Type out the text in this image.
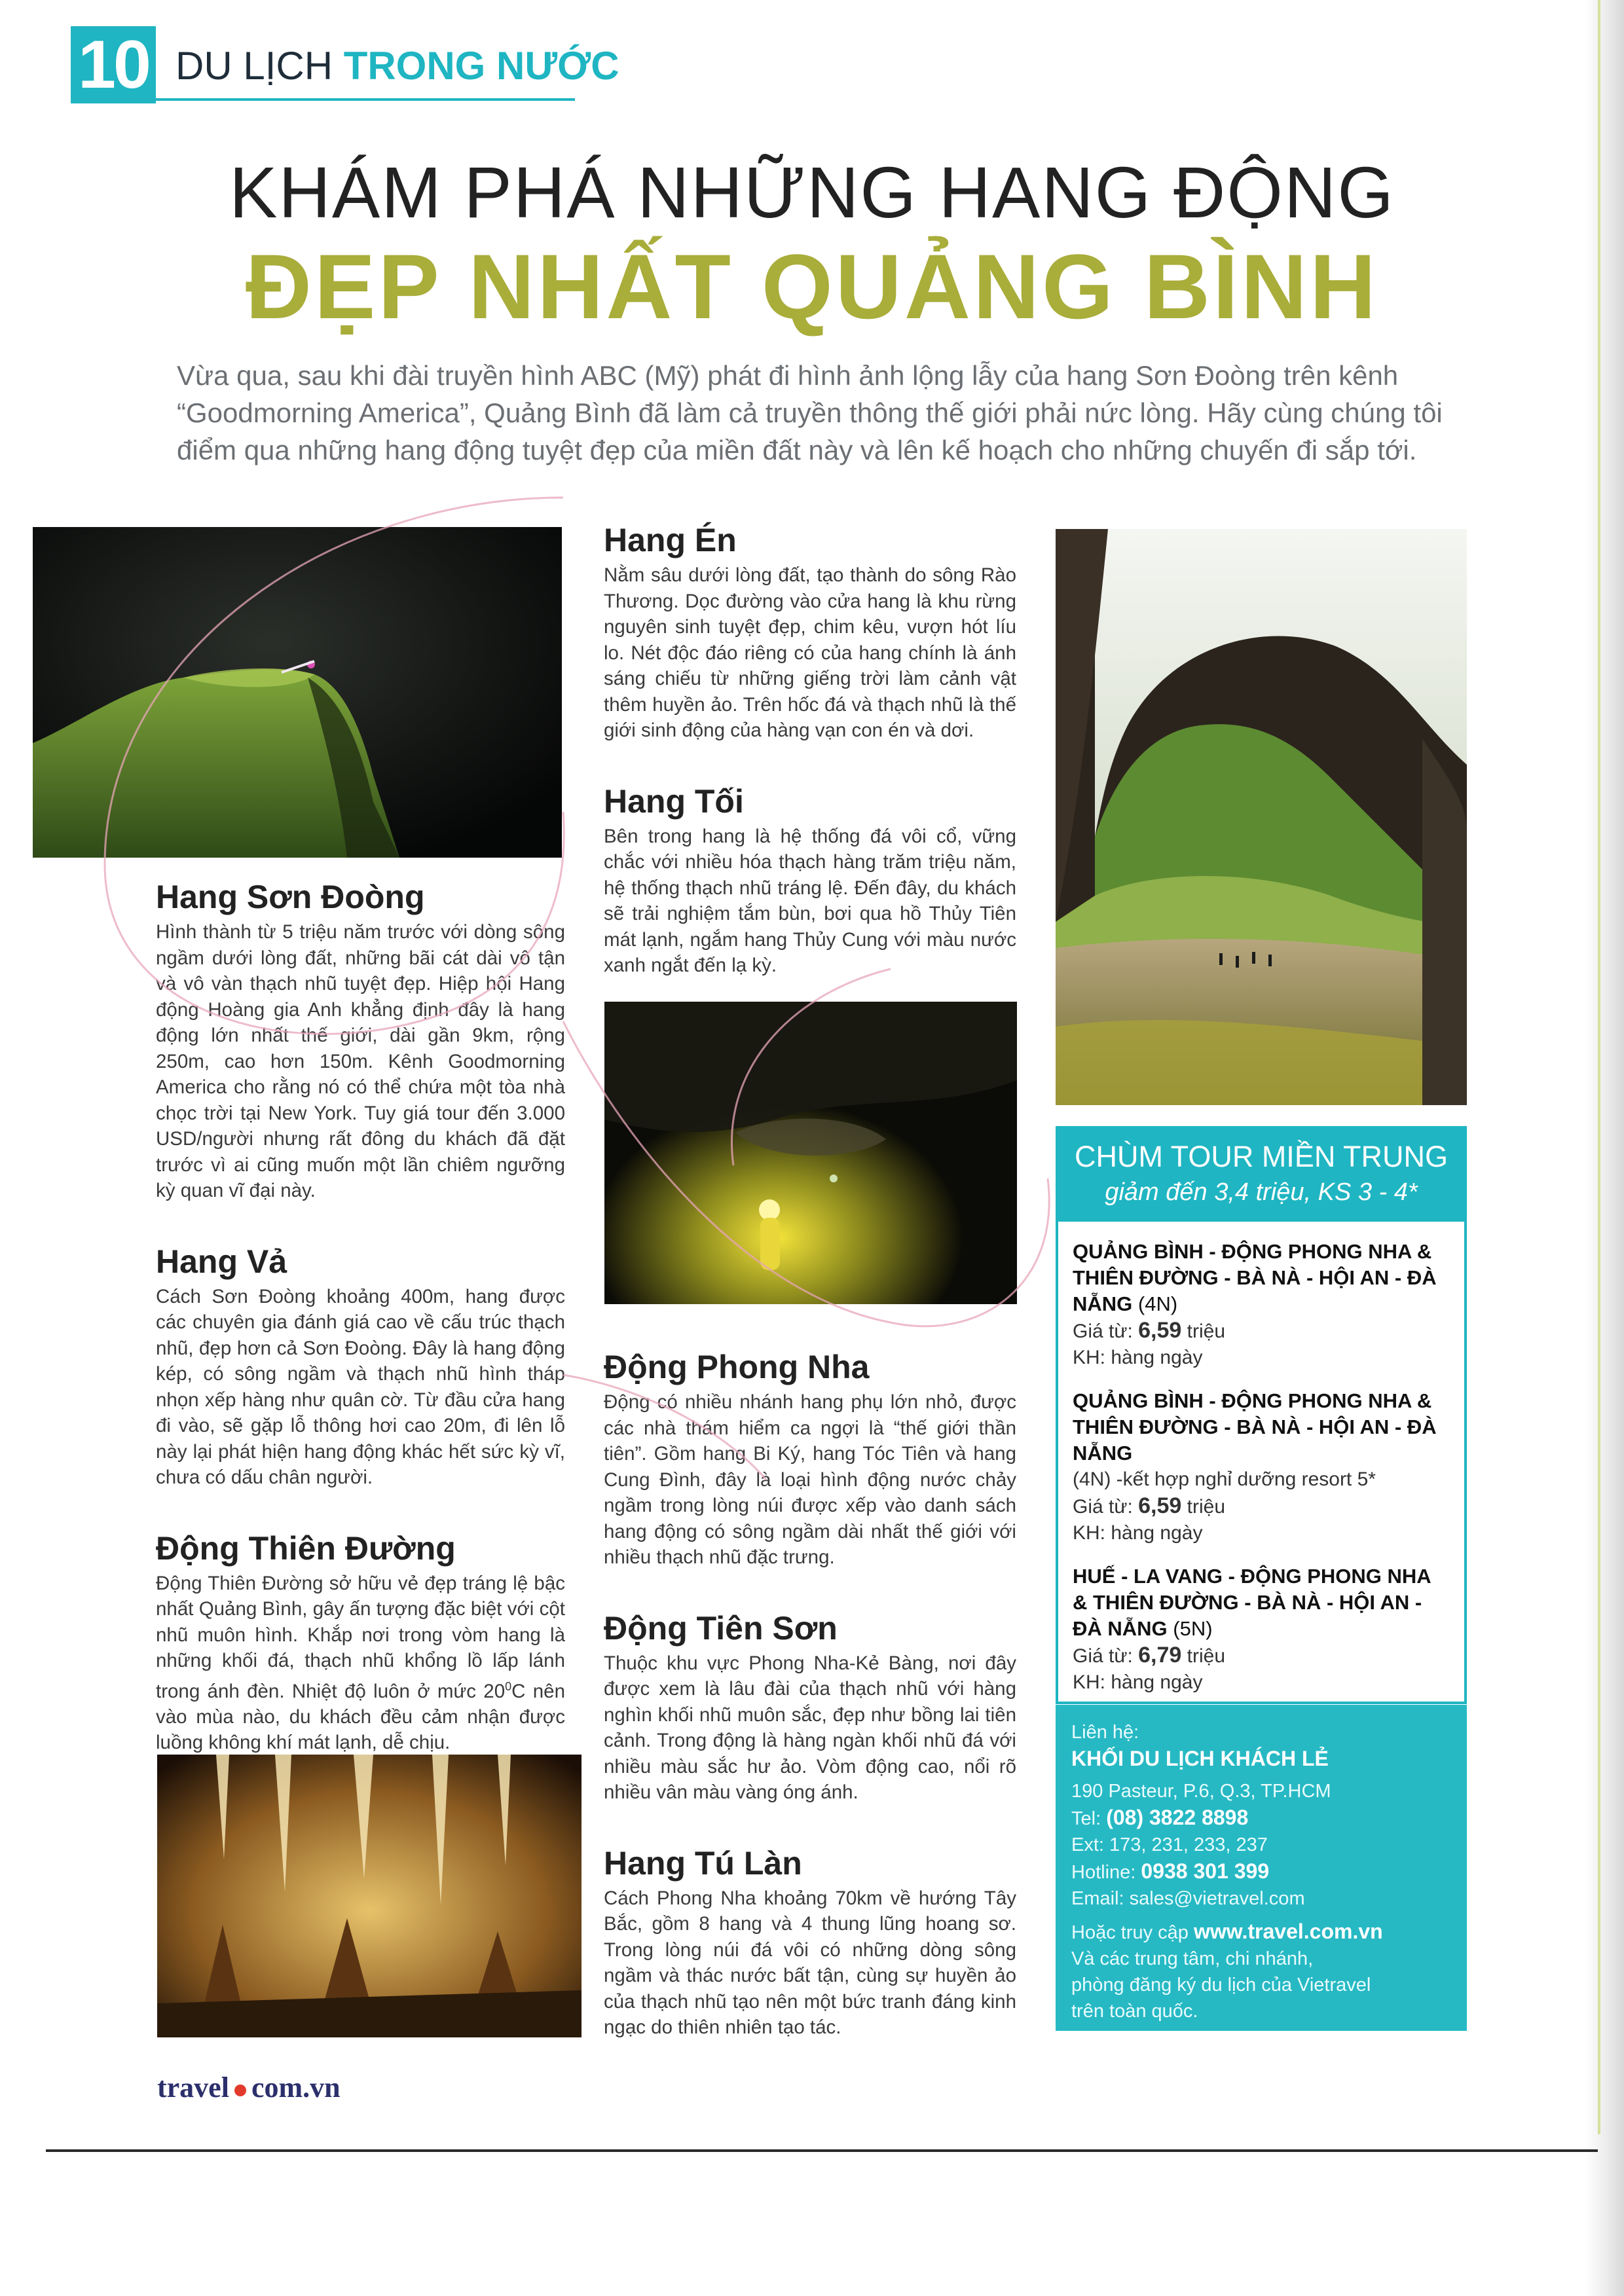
10 DU LỊCH TRONG NƯỚC
KHÁM PHÁ NHỮNG HANG ĐỘNG
ĐẸP NHẤT QUẢNG BÌNH
Vừa qua, sau khi đài truyền hình ABC (Mỹ) phát đi hình ảnh lộng lẫy của hang Sơn Đoòng trên kênh “Goodmorning America”, Quảng Bình đã làm cả truyền thông thế giới phải nức lòng. Hãy cùng chúng tôi điểm qua những hang động tuyệt đẹp của miền đất này và lên kế hoạch cho những chuyến đi sắp tới.
Hang Sơn Đoòng

Hình thành từ 5 triệu năm trước với dòng sông ngầm dưới lòng đất, những bãi cát dài vô tận và vô vàn thạch nhũ tuyệt đẹp. Hiệp hội Hang động Hoàng gia Anh khẳng định đây là hang động lớn nhất thế giới, dài gần 9km, rộng 250m, cao hơn 150m. Kênh Goodmorning America cho rằng nó có thể chứa một tòa nhà chọc trời tại New York. Tuy giá tour đến 3.000 USD/người nhưng rất đông du khách đã đặt trước vì ai cũng muốn một lần chiêm ngưỡng kỳ quan vĩ đại này.

Hang Vả

Cách Sơn Đoòng khoảng 400m, hang được các chuyên gia đánh giá cao về cấu trúc thạch nhũ, đẹp hơn cả Sơn Đoòng. Đây là hang động kép, có sông ngầm và thạch nhũ hình tháp nhọn xếp hàng như quân cờ. Từ đầu cửa hang đi vào, sẽ gặp lỗ thông hơi cao 20m, đi lên lỗ này lại phát hiện hang động khác hết sức kỳ vĩ, chưa có dấu chân người.

Động Thiên Đường

Động Thiên Đường sở hữu vẻ đẹp tráng lệ bậc nhất Quảng Bình, gây ấn tượng đặc biệt với cột nhũ muôn hình. Khắp nơi trong vòm hang là những khối đá, thạch nhũ khổng lồ lấp lánh trong ánh đèn. Nhiệt độ luôn ở mức $20^0C$ nên vào mùa nào, du khách đều cảm nhận được luồng không khí mát lạnh, dễ chịu.

Hang Én

Nằm sâu dưới lòng đất, tạo thành do sông Rào Thương. Dọc đường vào cửa hang là khu rừng nguyên sinh tuyệt đẹp, chim kêu, vượn hót líu lo. Nét độc đáo riêng có của hang chính là ánh sáng chiếu từ những giếng trời làm cảnh vật thêm huyền ảo. Trên hốc đá và thạch nhũ là thế giới sinh động của hàng vạn con én và dơi.

Hang Tối

Bên trong hang là hệ thống đá vôi cổ, vững chắc với nhiều hóa thạch hàng trăm triệu năm, hệ thống thạch nhũ tráng lệ. Đến đây, du khách sẽ trải nghiệm tắm bùn, bơi qua hồ Thủy Tiên mát lạnh, ngắm hang Thủy Cung với màu nước xanh ngắt đến lạ kỳ.

Động Phong Nha

Động có nhiều nhánh hang phụ lớn nhỏ, được các nhà thám hiểm ca ngợi là “thế giới thần tiên”. Gồm hang Bi Ký, hang Tóc Tiên và hang Cung Đình, đây là loại hình động nước chảy ngầm trong lòng núi được xếp vào danh sách hang động có sông ngầm dài nhất thế giới với nhiều thạch nhũ đặc trưng.

Động Tiên Sơn

Thuộc khu vực Phong Nha-Kẻ Bàng, nơi đây được xem là lâu đài của thạch nhũ với hàng nghìn khối nhũ muôn sắc, đẹp như bồng lai tiên cảnh. Trong động là hàng ngàn khối nhũ đá với nhiều màu sắc hư ảo. Vòm động cao, nổi rõ nhiều vân màu vàng óng ánh.

Hang Tú Làn

Cách Phong Nha khoảng 70km về hướng Tây Bắc, gồm 8 hang và 4 thung lũng hoang sơ. Trong lòng núi đá vôi có những dòng sông ngầm và thác nước bất tận, cùng sự huyền ảo của thạch nhũ tạo nên một bức tranh đáng kinh ngạc do thiên nhiên tạo tác.

CHÙM TOUR MIỀN TRUNG
giảm đến 3,4 triệu, KS 3 - 4*
QUẢNG BÌNH - ĐỘNG PHONG NHA & THIÊN ĐƯỜNG - BÀ NÀ - HỘI AN - ĐÀ NẴNG (4N)
Giá từ: 6,59 triệu
KH: hàng ngày
QUẢNG BÌNH - ĐỘNG PHONG NHA & THIÊN ĐƯỜNG - BÀ NÀ - HỘI AN - ĐÀ NẴNG
(4N) -kết hợp nghỉ dưỡng resort 5*
Giá từ: 6,59 triệu
KH: hàng ngày
HUẾ - LA VANG - ĐỘNG PHONG NHA & THIÊN ĐƯỜNG - BÀ NÀ - HỘI AN - ĐÀ NẴNG (5N)
Giá từ: 6,79 triệu
KH: hàng ngày
Liên hệ:
KHỐI DU LỊCH KHÁCH LẺ
190 Pasteur, P.6, Q.3, TP.HCM
Tel: (08) 3822 8898
Ext: 173, 231, 233, 237
Hotline: 0938 301 399
Email: sales@vietravel.com
Hoặc truy cập www.travel.com.vn
Và các trung tâm, chi nhánh,
phòng đăng ký du lịch của Vietravel
trên toàn quốc.
travel com.vn
